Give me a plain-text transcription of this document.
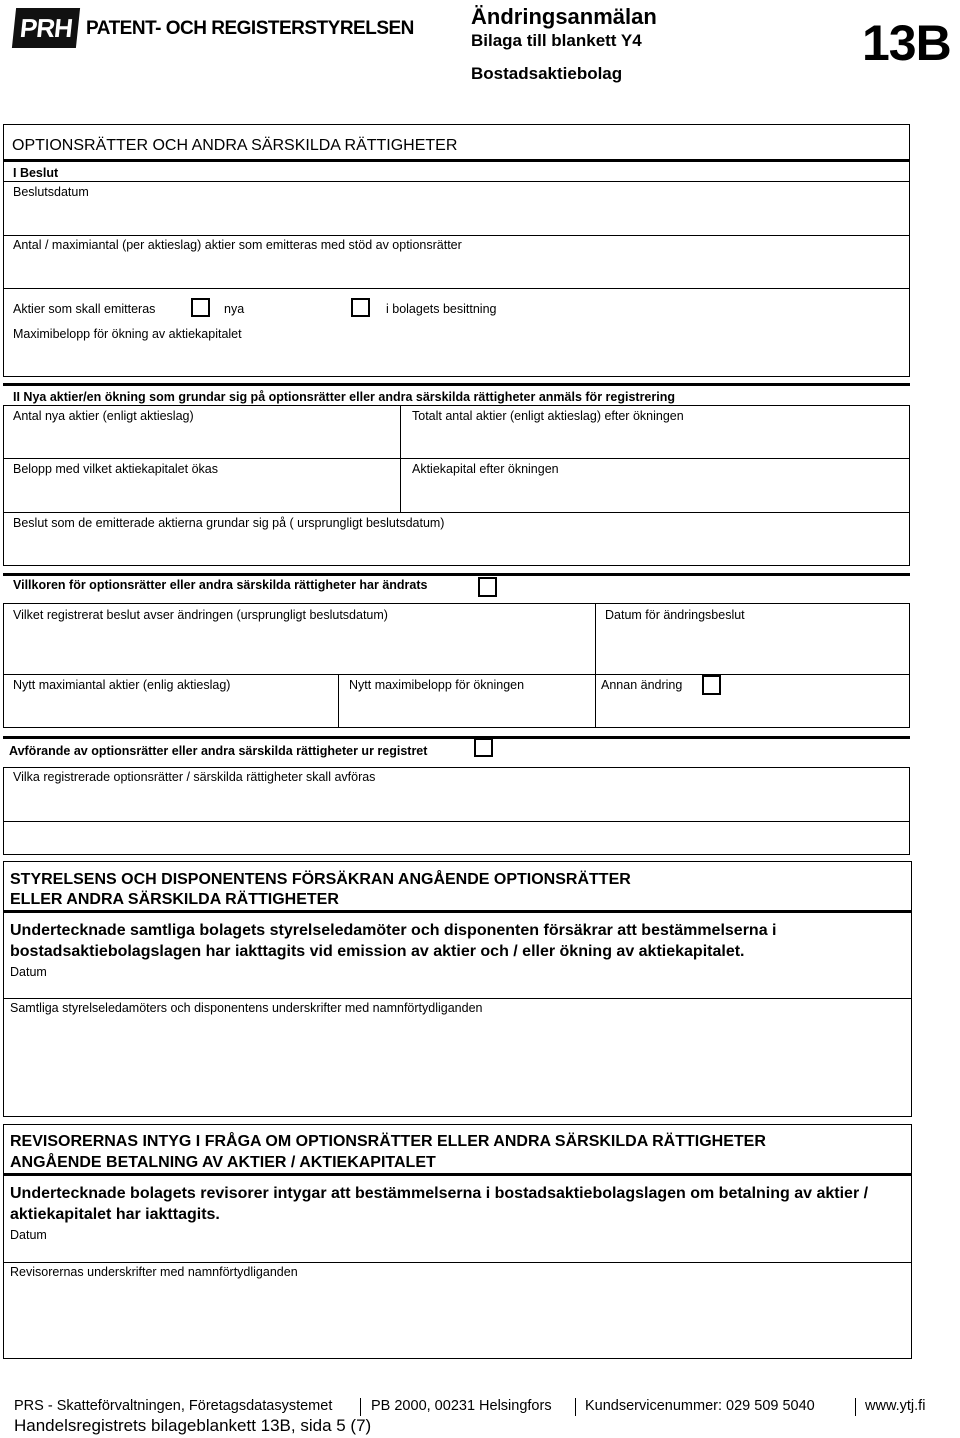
PRH PATENT- OCH REGISTERSTYRELSEN	Ändringsanmälan
Bilaga till blankett Y4
Bostadsaktiebolag
13B
OPTIONSRÄTTER OCH ANDRA SÄRSKILDA RÄTTIGHETER
I Beslut
Beslutsdatum
Antal / maximiantal (per aktieslag) aktier som emitteras med stöd av optionsrätter
Aktier som skall emitteras	nya	i bolagets besittning
Maximibelopp för ökning av aktiekapitalet
II Nya aktier/en ökning som grundar sig på optionsrätter eller andra särskilda rättigheter anmäls för registrering
Antal nya aktier (enligt aktieslag)	Totalt antal aktier (enligt aktieslag) efter ökningen
Belopp med vilket aktiekapitalet ökas	Aktiekapital efter ökningen
Beslut som de emitterade aktierna grundar sig på ( ursprungligt beslutsdatum)
Villkoren för optionsrätter eller andra särskilda rättigheter har ändrats
Vilket registrerat beslut avser ändringen (ursprungligt beslutsdatum)	Datum för ändringsbeslut
Nytt maximiantal aktier (enlig aktieslag)	Nytt maximibelopp för ökningen	Annan ändring
Avförande av optionsrätter eller andra särskilda rättigheter ur registret
Vilka registrerade optionsrätter / särskilda rättigheter skall avföras
STYRELSENS OCH DISPONENTENS FÖRSÄKRAN ANGÅENDE OPTIONSRÄTTER
ELLER ANDRA SÄRSKILDA RÄTTIGHETER
Undertecknade samtliga bolagets styrelseledamöter och disponenten försäkrar att bestämmelserna i bostadsaktiebolagslagen har iakttagits vid emission av aktier och / eller ökning av aktiekapitalet.
Datum
Samtliga styrelseledamöters och disponentens underskrifter med namnförtydliganden
REVISORERNAS INTYG I FRÅGA OM OPTIONSRÄTTER ELLER ANDRA SÄRSKILDA RÄTTIGHETER
ANGÅENDE BETALNING AV AKTIER / AKTIEKAPITALET
Undertecknade bolagets revisorer intygar att bestämmelserna i bostadsaktiebolagslagen om betalning av aktier / aktiekapitalet har iakttagits.
Datum
Revisorernas underskrifter med namnförtydliganden
PRS - Skatteförvaltningen, Företagsdatasystemet	PB 2000, 00231 Helsingfors Kundservicenummer: 029 509 5040	www.ytj.fi
Handelsregistrets bilageblankett 13B, sida 5 (7)
